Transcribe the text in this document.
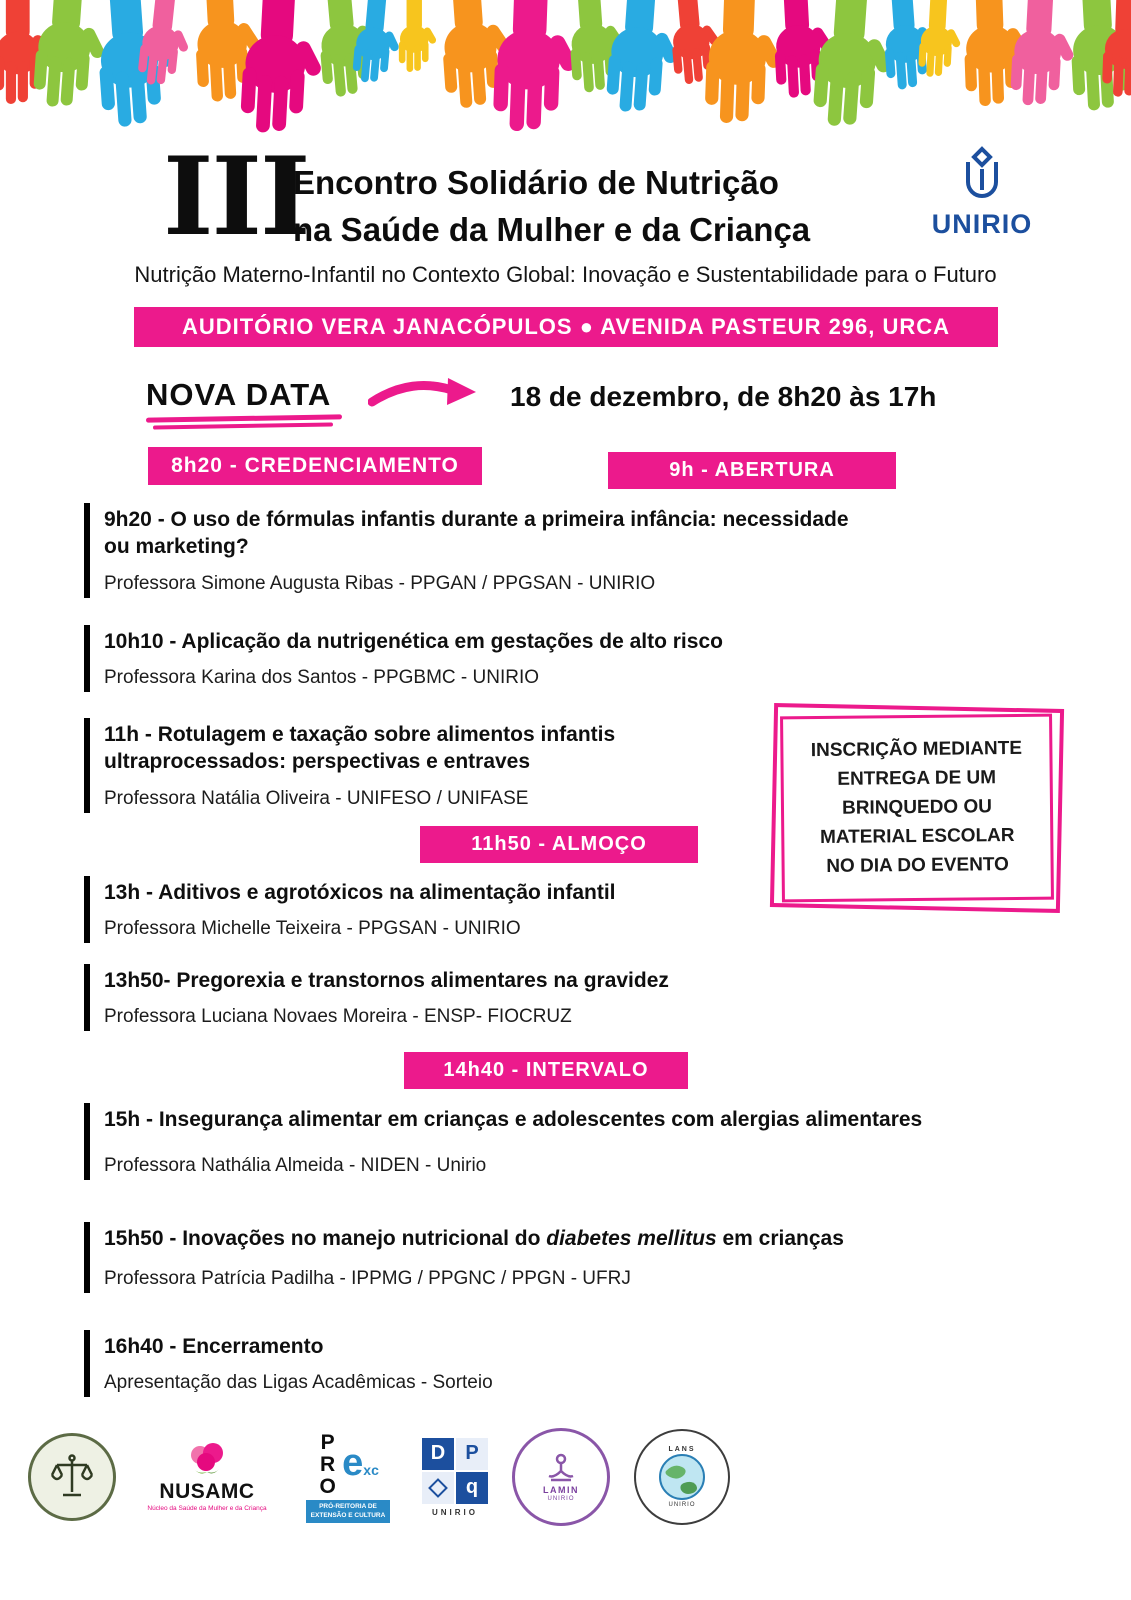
III
Encontro Solidário de Nutrição
na Saúde da Mulher e da Criança	UNIRIO
Nutrição Materno-Infantil no Contexto Global: Inovação e Sustentabilidade para o Futuro
AUDITÓRIO VERA JANACÓPULOS ● AVENIDA PASTEUR 296, URCA
NOVA DATA	18 de dezembro, de 8h20 às 17h
8h20 - CREDENCIAMENTO	9h - ABERTURA
9h20 - O uso de fórmulas infantis durante a primeira infância: necessidade ou marketing?
Professora Simone Augusta Ribas - PPGAN / PPGSAN - UNIRIO
10h10 - Aplicação da nutrigenética em gestações de alto risco
Professora Karina dos Santos - PPGBMC - UNIRIO
11h - Rotulagem e taxação sobre alimentos infantis ultraprocessados: perspectivas e entraves
Professora Natália Oliveira - UNIFESO / UNIFASE
11h50 - ALMOÇO
13h - Aditivos e agrotóxicos na alimentação infantil
Professora Michelle Teixeira - PPGSAN - UNIRIO
13h50- Pregorexia e transtornos alimentares na gravidez
Professora Luciana Novaes Moreira - ENSP- FIOCRUZ
14h40 - INTERVALO
15h - Insegurança alimentar em crianças e adolescentes com alergias alimentares
Professora Nathália Almeida - NIDEN - Unirio
15h50 - Inovações no manejo nutricional do diabetes mellitus em crianças
Professora Patrícia Padilha - IPPMG / PPGNC / PPGN - UFRJ
16h40 - Encerramento
Apresentação das Ligas Acadêmicas - Sorteio
INSCRIÇÃO MEDIANTE
ENTREGA DE UM
BRINQUEDO OU
MATERIAL ESCOLAR
NO DIA DO EVENTO
NUSAMC
Núcleo da Saúde da Mulher e da Criança
PRO exc
PRÓ-REITORIA DE
EXTENSÃO E CULTURA
D	P
q
UNIRIO
LAMIN
UNIRIO
LANS
UNIRIO
